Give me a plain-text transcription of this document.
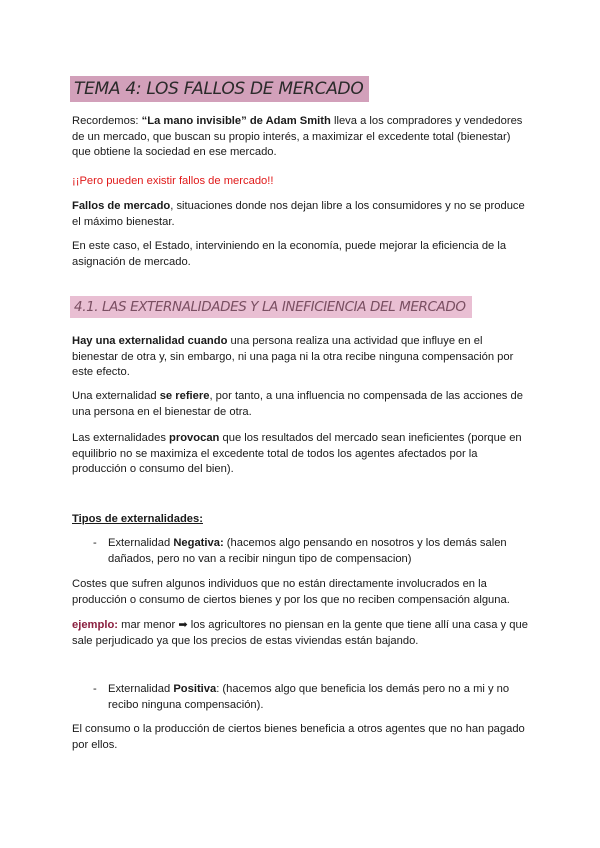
TEMA 4: LOS FALLOS DE MERCADO

Recordemos: “La mano invisible” de Adam Smith lleva a los compradores y vendedores de un mercado, que buscan su propio interés, a maximizar el excedente total (bienestar) que obtiene la sociedad en ese mercado.

¡¡Pero pueden existir fallos de mercado!!

Fallos de mercado, situaciones donde nos dejan libre a los consumidores y no se produce el máximo bienestar.

En este caso, el Estado, interviniendo en la economía, puede mejorar la eficiencia de la asignación de mercado.

4.1. LAS EXTERNALIDADES Y LA INEFICIENCIA DEL MERCADO

Hay una externalidad cuando una persona realiza una actividad que influye en el bienestar de otra y, sin embargo, ni una paga ni la otra recibe ninguna compensación por este efecto.

Una externalidad se refiere, por tanto, a una influencia no compensada de las acciones de una persona en el bienestar de otra.

Las externalidades provocan que los resultados del mercado sean ineficientes (porque en equilibrio no se maximiza el excedente total de todos los agentes afectados por la producción o consumo del bien).

Tipos de externalidades:

- Externalidad Negativa: (hacemos algo pensando en nosotros y los demás salen dañados, pero no van a recibir ningun tipo de compensacion)

Costes que sufren algunos individuos que no están directamente involucrados en la producción o consumo de ciertos bienes y por los que no reciben compensación alguna.

ejemplo: mar menor ➡ los agricultores no piensan en la gente que tiene allí una casa y que sale perjudicado ya que los precios de estas viviendas están bajando.

- Externalidad Positiva: (hacemos algo que beneficia los demás pero no a mi y no recibo ninguna compensación).

El consumo o la producción de ciertos bienes beneficia a otros agentes que no han pagado por ellos.
